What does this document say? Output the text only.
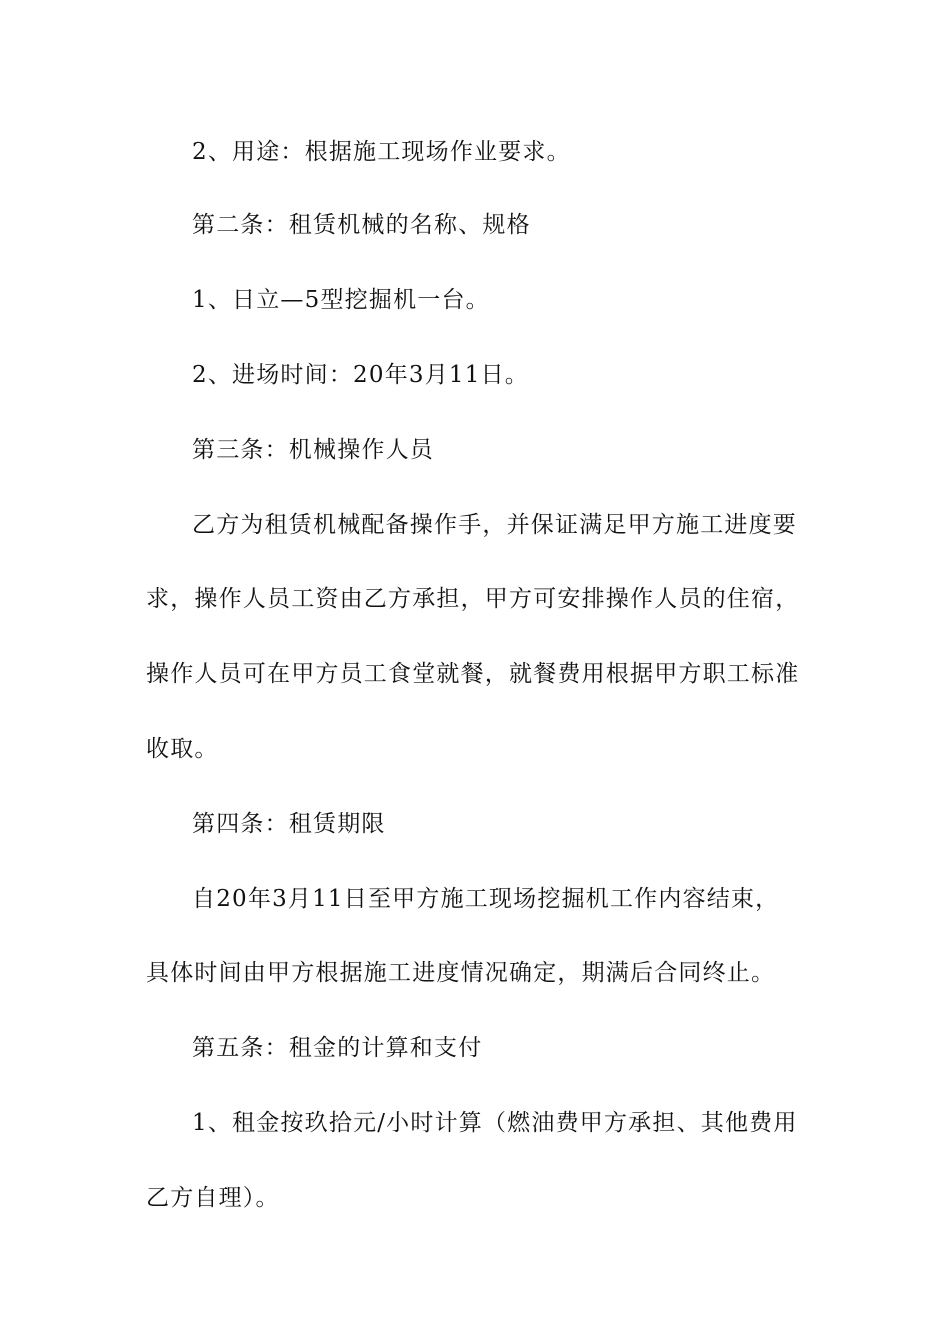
2、用途：根据施工现场作业要求。
第二条：租赁机械的名称、规格
1、日立—5型挖掘机一台。
2、进场时间：20年3月11日。
第三条：机械操作人员
乙方为租赁机械配备操作手，并保证满足甲方施工进度要
求，操作人员工资由乙方承担，甲方可安排操作人员的住宿，
操作人员可在甲方员工食堂就餐，就餐费用根据甲方职工标准
收取。
第四条：租赁期限
自20年3月11日至甲方施工现场挖掘机工作内容结束，
具体时间由甲方根据施工进度情况确定，期满后合同终止。
第五条：租金的计算和支付
1、租金按玖拾元/小时计算（燃油费甲方承担、其他费用
乙方自理）。
